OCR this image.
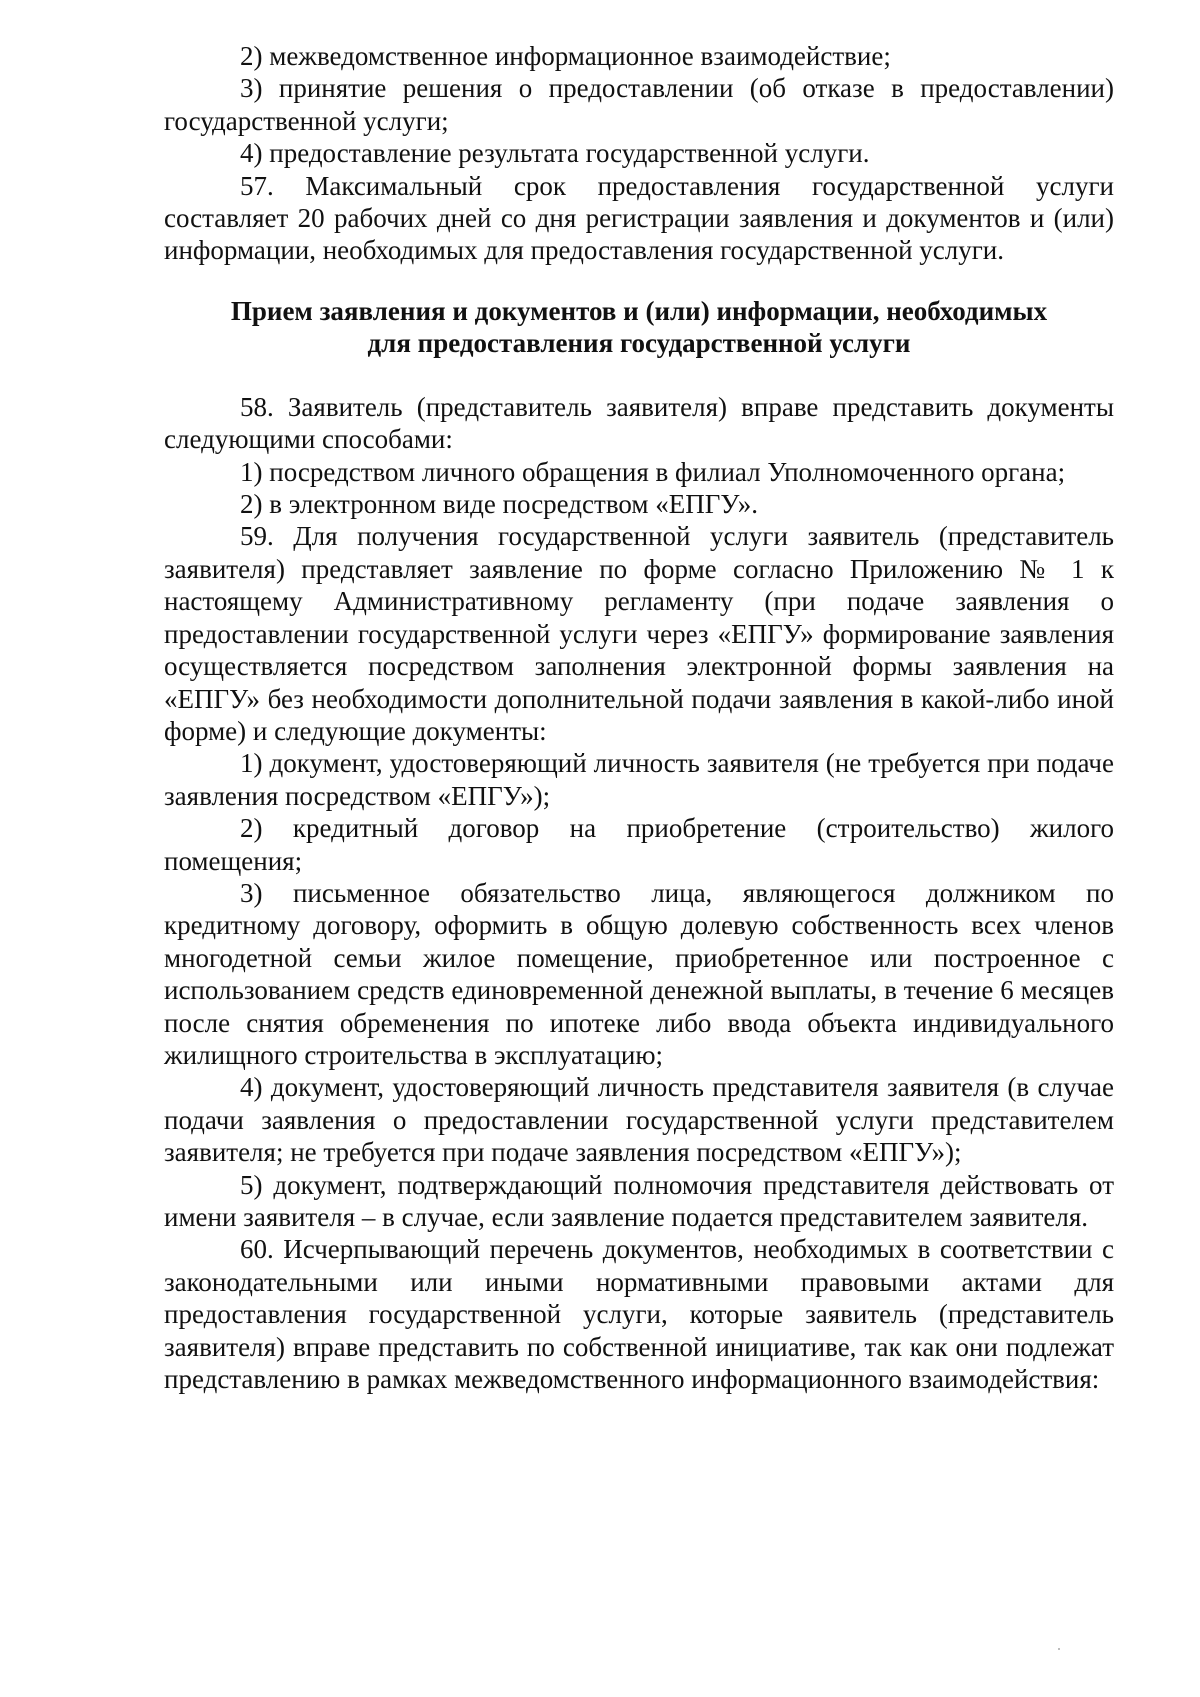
2) межведомственное информационное взаимодействие;

3) принятие решения о предоставлении (об отказе в предоставлении) государственной услуги;

4) предоставление результата государственной услуги.

57. Максимальный срок предоставления государственной услуги составляет 20 рабочих дней со дня регистрации заявления и документов и (или) информации, необходимых для предоставления государственной услуги.

Прием заявления и документов и (или) информации, необходимых
для предоставления государственной услуги

58. Заявитель (представитель заявителя) вправе представить документы следующими способами:

1) посредством личного обращения в филиал Уполномоченного органа;

2) в электронном виде посредством «ЕПГУ».

59. Для получения государственной услуги заявитель (представитель заявителя) представляет заявление по форме согласно Приложению № 1 к настоящему Административному регламенту (при подаче заявления о предоставлении государственной услуги через «ЕПГУ» формирование заявления осуществляется посредством заполнения электронной формы заявления на «ЕПГУ» без необходимости дополнительной подачи заявления в какой-либо иной форме) и следующие документы:

1) документ, удостоверяющий личность заявителя (не требуется при подаче заявления посредством «ЕПГУ»);

2) кредитный договор на приобретение (строительство) жилого помещения;

3) письменное обязательство лица, являющегося должником по кредитному договору, оформить в общую долевую собственность всех членов многодетной семьи жилое помещение, приобретенное или построенное с использованием средств единовременной денежной выплаты, в течение 6 месяцев после снятия обременения по ипотеке либо ввода объекта индивидуального жилищного строительства в эксплуатацию;

4) документ, удостоверяющий личность представителя заявителя (в случае подачи заявления о предоставлении государственной услуги представителем заявителя; не требуется при подаче заявления посредством «ЕПГУ»);

5) документ, подтверждающий полномочия представителя действовать от имени заявителя – в случае, если заявление подается представителем заявителя.

60. Исчерпывающий перечень документов, необходимых в соответствии с законодательными или иными нормативными правовыми актами для предоставления государственной услуги, которые заявитель (представитель заявителя) вправе представить по собственной инициативе, так как они подлежат представлению в рамках межведомственного информационного взаимодействия:
